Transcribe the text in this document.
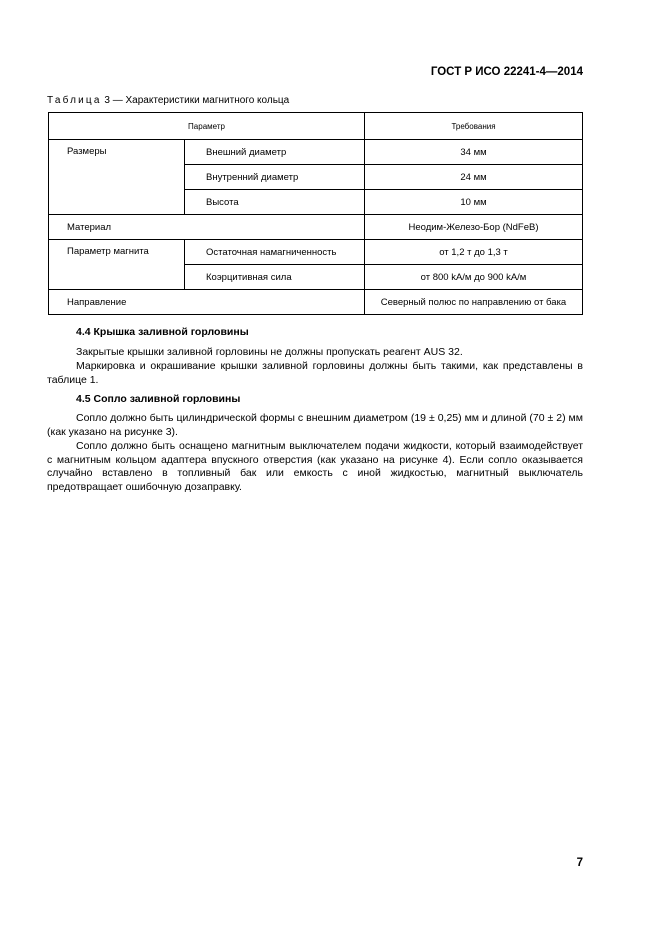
ГОСТ Р ИСО 22241-4—2014
Таблица 3 — Характеристики магнитного кольца
Параметр		Требования
Размеры	Внешний диаметр	34 мм
	Внутренний диаметр	24 мм
	Высота	10 мм
Материал		Неодим-Железо-Бор (NdFeB)
Параметр магнита	Остаточная намагниченность	от 1,2 т до 1,3 т
	Коэрцитивная сила	от 800 kA/м до 900 kA/м
Направление		Северный полюс по направлению от бака
4.4 Крышка заливной горловины
Закрытые крышки заливной горловины не должны пропускать реагент AUS 32.
Маркировка и окрашивание крышки заливной горловины должны быть такими, как представлены в таблице 1.
4.5 Сопло заливной горловины
Сопло должно быть цилиндрической формы с внешним диаметром (19 ± 0,25) мм и длиной (70 ± 2) мм (как указано на рисунке 3).
Сопло должно быть оснащено магнитным выключателем подачи жидкости, который взаимодействует с магнитным кольцом адаптера впускного отверстия (как указано на рисунке 4). Если сопло оказывается случайно вставлено в топливный бак или емкость с иной жидкостью, магнитный выключатель предотвращает ошибочную дозаправку.
7
